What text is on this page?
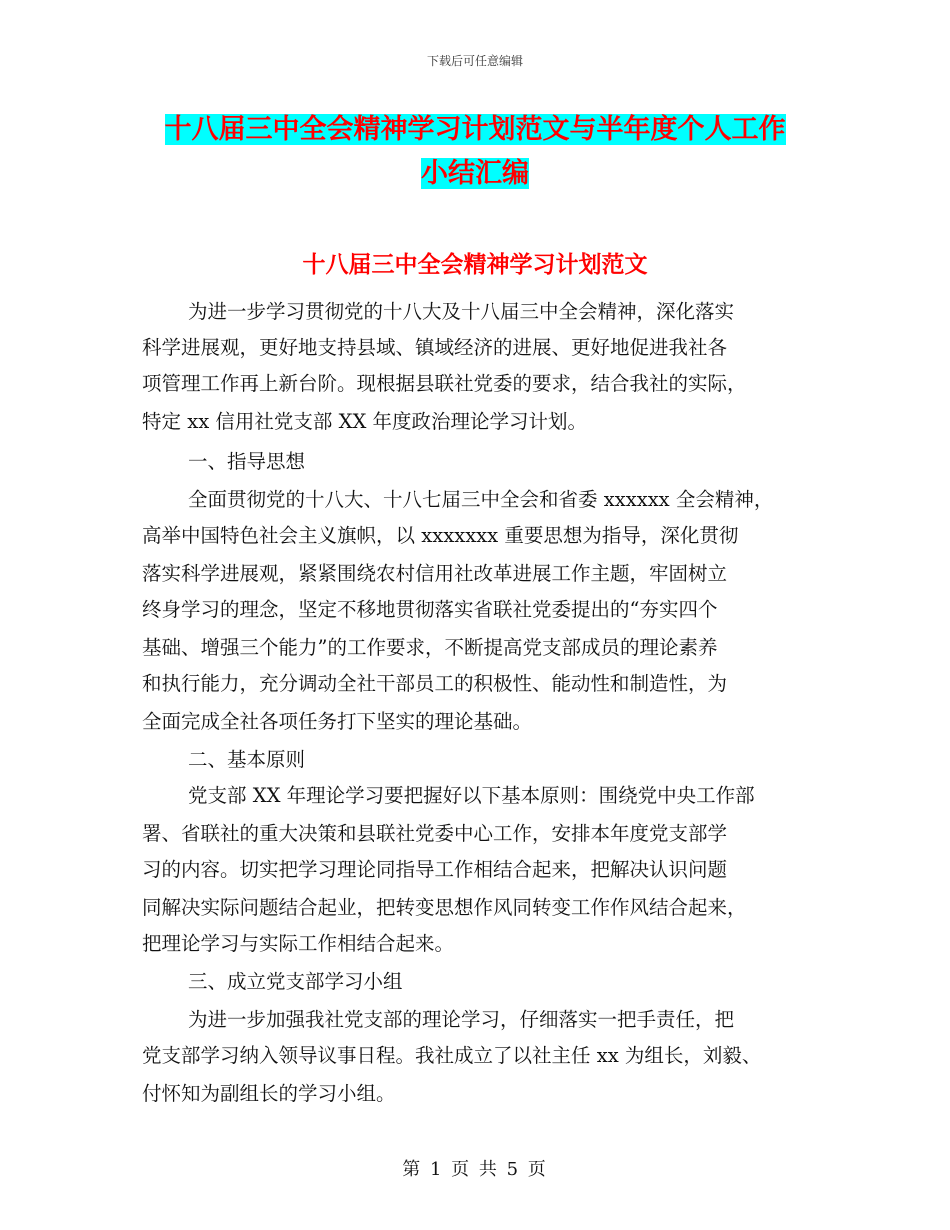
下载后可任意编辑
十八届三中全会精神学习计划范文与半年度个人工作
小结汇编
十八届三中全会精神学习计划范文
为进一步学习贯彻党的十八大及十八届三中全会精神，深化落实
科学进展观，更好地支持县域、镇域经济的进展、更好地促进我社各
项管理工作再上新台阶。现根据县联社党委的要求，结合我社的实际，
特定 xx 信用社党支部 XX 年度政治理论学习计划。
一、指导思想
全面贯彻党的十八大、十八七届三中全会和省委 xxxxxx 全会精神，
高举中国特色社会主义旗帜，以 xxxxxxx 重要思想为指导，深化贯彻
落实科学进展观，紧紧围绕农村信用社改革进展工作主题，牢固树立
终身学习的理念，坚定不移地贯彻落实省联社党委提出的“夯实四个
基础、增强三个能力”的工作要求，不断提高党支部成员的理论素养
和执行能力，充分调动全社干部员工的积极性、能动性和制造性，为
全面完成全社各项任务打下坚实的理论基础。
二、基本原则
党支部 XX 年理论学习要把握好以下基本原则：围绕党中央工作部
署、省联社的重大决策和县联社党委中心工作，安排本年度党支部学
习的内容。切实把学习理论同指导工作相结合起来，把解决认识问题
同解决实际问题结合起业，把转变思想作风同转变工作作风结合起来，
把理论学习与实际工作相结合起来。
三、成立党支部学习小组
为进一步加强我社党支部的理论学习，仔细落实一把手责任，把
党支部学习纳入领导议事日程。我社成立了以社主任 xx 为组长，刘毅、
付怀知为副组长的学习小组。
第 1 页 共 5 页
